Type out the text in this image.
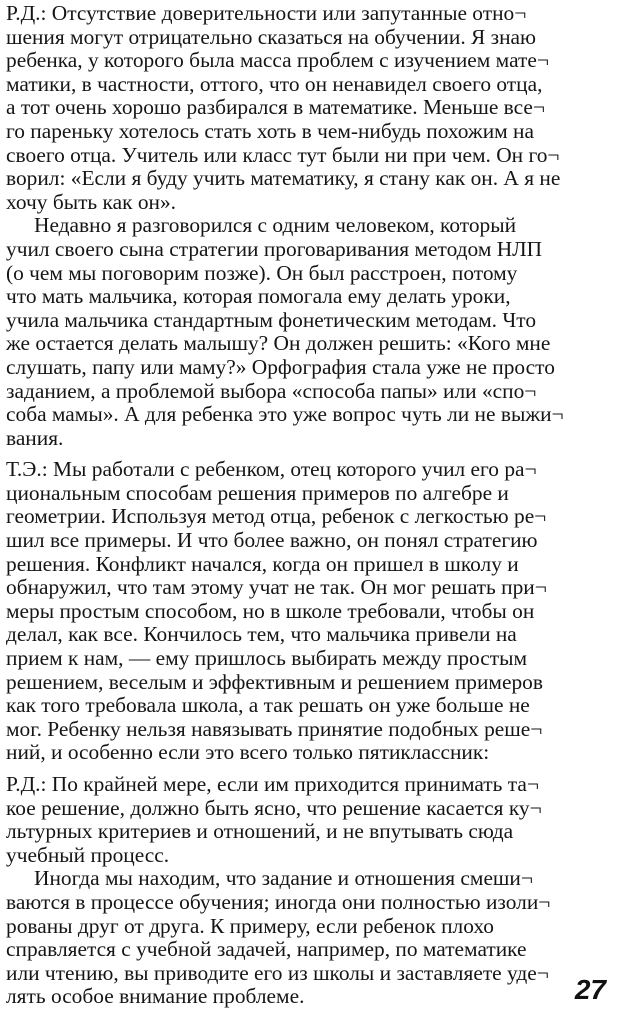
Р.Д.: Отсутствие доверительности или запутанные отно¬
шения могут отрицательно сказаться на обучении. Я знаю
ребенка, у которого была масса проблем с изучением мате¬
матики, в частности, оттого, что он ненавидел своего отца,
а тот очень хорошо разбирался в математике. Меньше все¬
го пареньку хотелось стать хоть в чем-нибудь похожим на
своего отца. Учитель или класс тут были ни при чем. Он го¬
ворил: «Если я буду учить математику, я стану как он. А я не
хочу быть как он».

Недавно я разговорился с одним человеком, который
учил своего сына стратегии проговаривания методом НЛП
(о чем мы поговорим позже). Он был расстроен, потому
что мать мальчика, которая помогала ему делать уроки,
учила мальчика стандартным фонетическим методам. Что
же остается делать малышу? Он должен решить: «Кого мне
слушать, папу или маму?» Орфография стала уже не просто
заданием, а проблемой выбора «способа папы» или «спо¬
соба мамы». А для ребенка это уже вопрос чуть ли не выжи¬
вания.

Т.Э.: Мы работали с ребенком, отец которого учил его ра¬
циональным способам решения примеров по алгебре и
геометрии. Используя метод отца, ребенок с легкостью ре¬
шил все примеры. И что более важно, он понял стратегию
решения. Конфликт начался, когда он пришел в школу и
обнаружил, что там этому учат не так. Он мог решать при¬
меры простым способом, но в школе требовали, чтобы он
делал, как все. Кончилось тем, что мальчика привели на
прием к нам, — ему пришлось выбирать между простым
решением, веселым и эффективным и решением примеров
как того требовала школа, а так решать он уже больше не
мог. Ребенку нельзя навязывать принятие подобных реше¬
ний, и особенно если это всего только пятиклассник:

Р.Д.: По крайней мере, если им приходится принимать та¬
кое решение, должно быть ясно, что решение касается ку¬
льтурных критериев и отношений, и не впутывать сюда
учебный процесс.

Иногда мы находим, что задание и отношения смеши¬
ваются в процессе обучения; иногда они полностью изоли¬
рованы друг от друга. К примеру, если ребенок плохо
справляется с учебной задачей, например, по математике
или чтению, вы приводите его из школы и заставляете уде¬
лять особое внимание проблеме.	27
